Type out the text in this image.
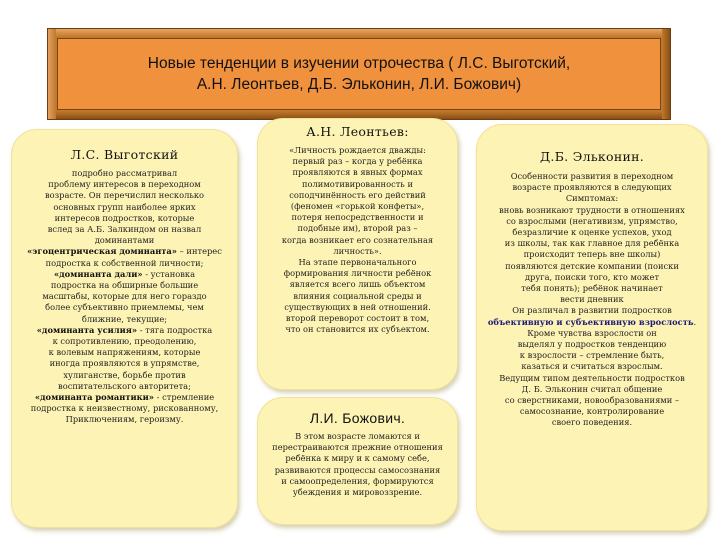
Новые тенденции в изучении отрочества ( Л.С. Выготский,
А.Н. Леонтьев, Д.Б. Эльконин, Л.И. Божович)
Л.С. Выготский
подробно рассматривал
проблему интересов в переходном
возрасте. Он перечислил несколько
основных групп наиболее ярких
интересов подростков, которые
вслед за А.Б. Залкиндом он назвал
доминантами
«эгоцентрическая доминанта» – интерес
подростка к собственной личности;
«доминанта дали» - установка
подростка на обширные большие
масштабы, которые для него гораздо
более субъективно приемлемы, чем
ближние, текущие;
«доминанта усилия» - тяга подростка
к сопротивлению, преодолению,
к волевым напряжениям, которые
иногда проявляются в упрямстве,
хулиганстве, борьбе против
воспитательского авторитета;
«доминанта романтики» - стремление
подростка к неизвестному, рискованному,
Приключениям, героизму.
А.Н. Леонтьев:
«Личность рождается дважды:
первый раз – когда у ребёнка
проявляются в явных формах
полимотивированность и
соподчинённость его действий
(феномен «горькой конфеты»,
потеря непосредственности и
подобные им), второй раз –
когда возникает его сознательная
личность».
На этапе первоначального
формирования личности ребёнок
является всего лишь объектом
влияния социальной среды и
существующих в ней отношений.
второй переворот состоит в том,
что он становится их субъектом.
Л.И. Божович.
В этом возрасте ломаются и
перестраиваются прежние отношения
ребёнка к миру и к самому себе,
развиваются процессы самосознания
и самоопределения, формируются
убеждения и мировоззрение.
Д.Б. Эльконин.
Особенности развития в переходном
возрасте проявляются в следующих
Симптомах:
вновь возникают трудности в отношениях
со взрослыми (негативизм, упрямство,
безразличие к оценке успехов, уход
из школы, так как главное для ребёнка
происходит теперь вне школы)
появляются детские компании (поиски
друга, поиски того, кто может
тебя понять); ребёнок начинает
вести дневник
Он различал в развитии подростков
объективную и субъективную взрослость.
Кроме чувства взрослости он
выделял у подростков тенденцию
к взрослости – стремление быть,
казаться и считаться взрослым.
Ведущим типом деятельности подростков
Д. Б. Эльконин считал общение
со сверстниками, новообразованиями –
самосознание, контролирование
своего поведения.
